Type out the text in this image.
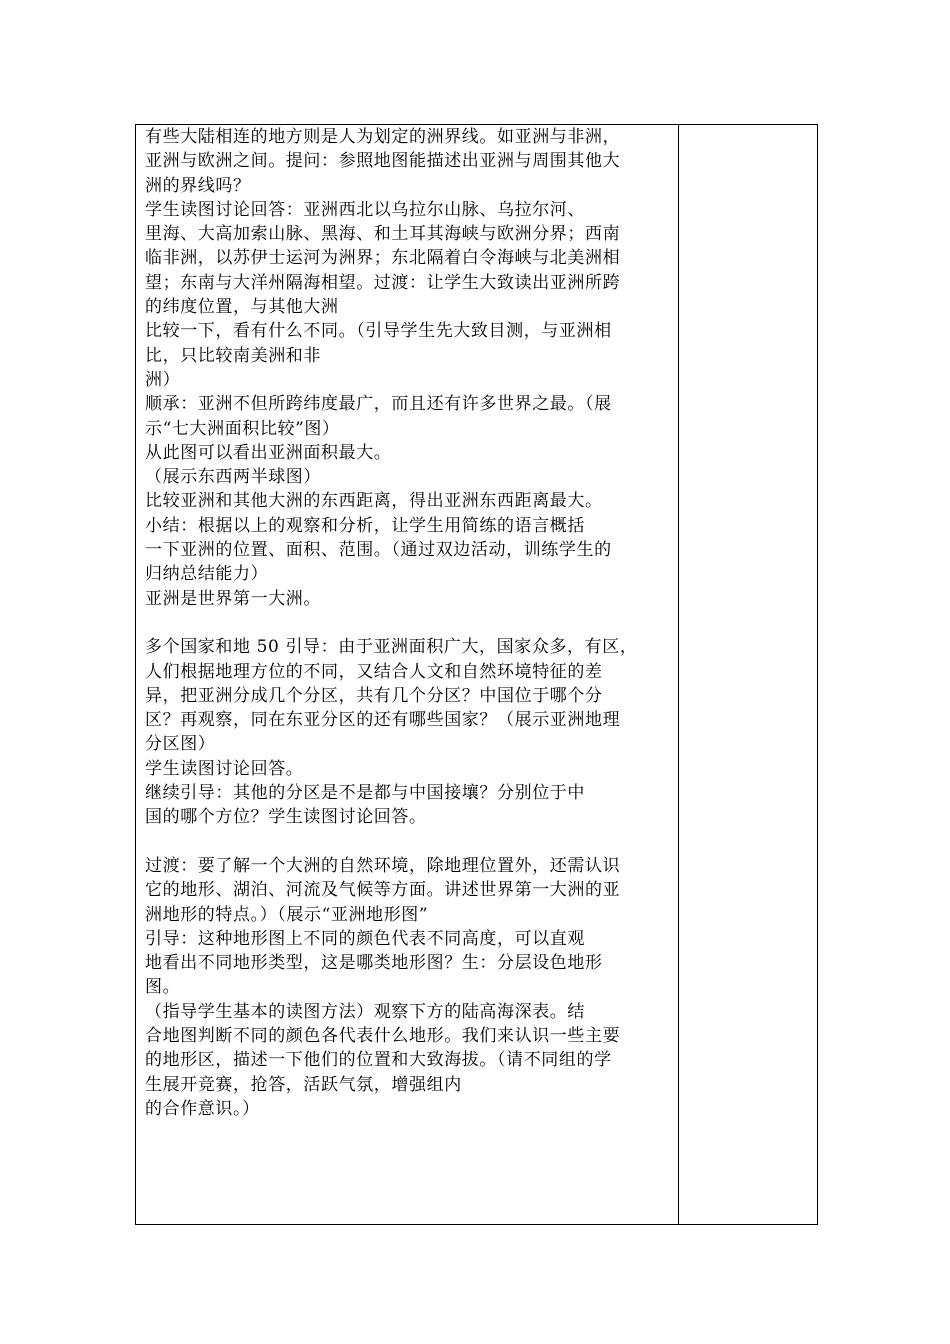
有些大陆相连的地方则是人为划定的洲界线。如亚洲与非洲，
亚洲与欧洲之间。提问：参照地图能描述出亚洲与周围其他大
洲的界线吗？
学生读图讨论回答：亚洲西北以乌拉尔山脉、乌拉尔河、
里海、大高加索山脉、黑海、和土耳其海峡与欧洲分界；西南
临非洲，以苏伊士运河为洲界；东北隔着白令海峡与北美洲相
望；东南与大洋州隔海相望。过渡：让学生大致读出亚洲所跨
的纬度位置，与其他大洲
比较一下，看有什么不同。（引导学生先大致目测，与亚洲相
比，只比较南美洲和非
洲）
顺承：亚洲不但所跨纬度最广，而且还有许多世界之最。（展
示“七大洲面积比较”图）
从此图可以看出亚洲面积最大。
（展示东西两半球图）
比较亚洲和其他大洲的东西距离，得出亚洲东西距离最大。
小结：根据以上的观察和分析，让学生用简练的语言概括
一下亚洲的位置、面积、范围。（通过双边活动，训练学生的
归纳总结能力）
亚洲是世界第一大洲。
多个国家和地 50 引导：由于亚洲面积广大，国家众多，有区，
人们根据地理方位的不同，又结合人文和自然环境特征的差
异，把亚洲分成几个分区，共有几个分区？中国位于哪个分
区？再观察，同在东亚分区的还有哪些国家？（展示亚洲地理
分区图）
学生读图讨论回答。
继续引导：其他的分区是不是都与中国接壤？分别位于中
国的哪个方位？学生读图讨论回答。
过渡：要了解一个大洲的自然环境，除地理位置外，还需认识
它的地形、湖泊、河流及气候等方面。讲述世界第一大洲的亚
洲地形的特点。）（展示“亚洲地形图”
引导：这种地形图上不同的颜色代表不同高度，可以直观
地看出不同地形类型，这是哪类地形图？生：分层设色地形
图。
（指导学生基本的读图方法）观察下方的陆高海深表。结
合地图判断不同的颜色各代表什么地形。我们来认识一些主要
的地形区，描述一下他们的位置和大致海拔。（请不同组的学
生展开竞赛，抢答，活跃气氛，增强组内
的合作意识。）
